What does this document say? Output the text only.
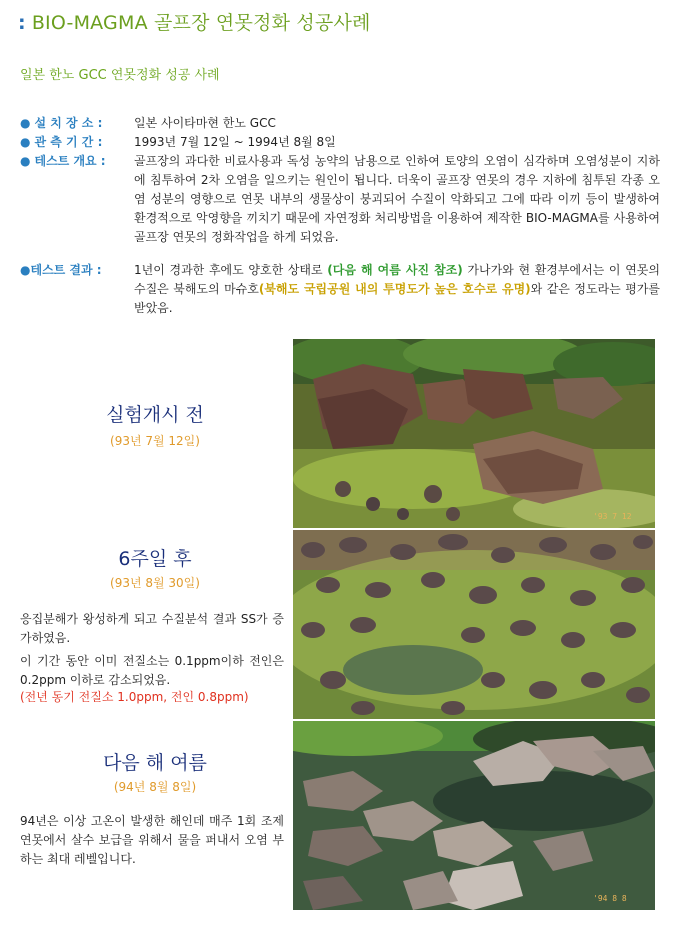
: BIO-MAGMA 골프장 연못정화 성공사례
일본 한노 GCC 연못정화 성공 사례
● 설 치 장 소 :	일본 사이타마현 한노 GCC
● 관 측 기 간 :	1993년 7월 12일 ~ 1994년 8월 8일
● 테스트 개요 :	골프장의 과다한 비료사용과 독성 농약의 남용으로 인하여 토양의 오염이 심각하며 오염성분이 지하에 침투하여 2차 오염을 일으키는 원인이 됩니다. 더욱이 골프장 연못의 경우 지하에 침투된 각종 오염 성분의 영향으로 연못 내부의 생물상이 붕괴되어 수질이 악화되고 그에 따라 이끼 등이 발생하여 환경적으로 악영향을 끼치기 때문에 자연정화 처리방법을 이용하여 제작한 BIO-MAGMA를 사용하여 골프장 연못의 정화작업을 하게 되었음.
●테스트 결과 :	1년이 경과한 후에도 양호한 상태로 (다음 해 여름 사진 참조) 가나가와 현 환경부에서는 이 연못의 수질은 북해도의 마슈호(북해도 국립공원 내의 투명도가 높은 호수로 유명)와 같은 정도라는 평가를 받았음.
실험개시 전
(93년 7월 12일)
6주일 후
(93년 8월 30일)
응집분해가 왕성하게 되고 수질분석 결과 SS가 증가하였음.
이 기간 동안 이미 전질소는 0.1ppm이하 전인은 0.2ppm 이하로 감소되었음.
(전년 동기 전질소 1.0ppm, 전인 0.8ppm)
다음 해 여름
(94년 8월 8일)
94년은 이상 고온이 발생한 해인데 매주 1회 조제 연못에서 살수 보급을 위해서 물을 퍼내서 오염 부하는 최대 레벨입니다.
'93 7 12
'94 8 8
